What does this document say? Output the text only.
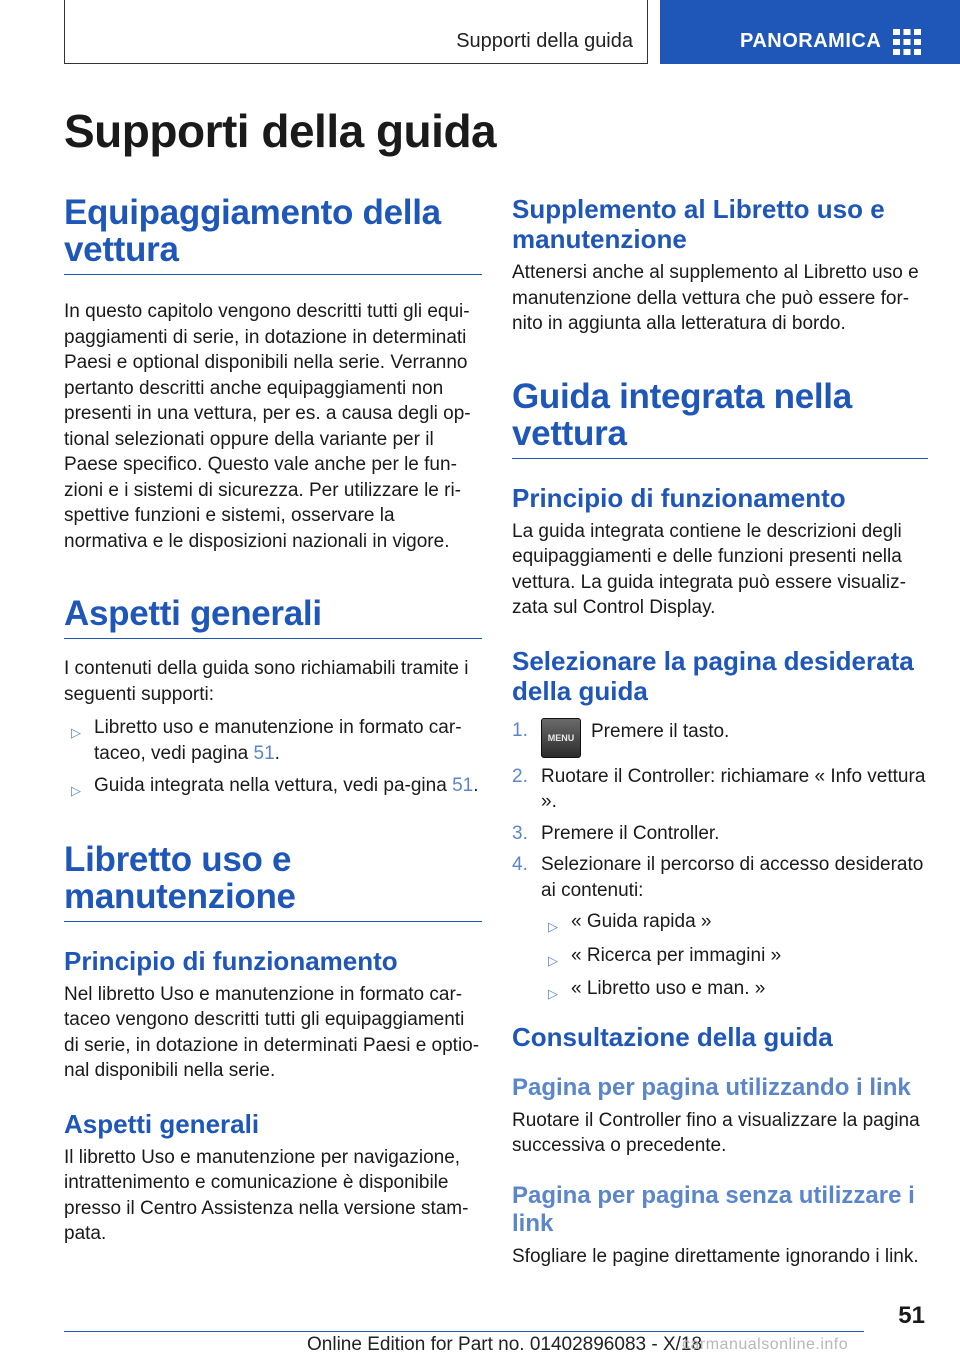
Supporti della guida	PANORAMICA
Supporti della guida
Equipaggiamento della vettura

In questo capitolo vengono descritti tutti gli equi-paggiamenti di serie, in dotazione in determinati Paesi e optional disponibili nella serie. Verranno pertanto descritti anche equipaggiamenti non presenti in una vettura, per es. a causa degli op-tional selezionati oppure della variante per il Paese specifico. Questo vale anche per le fun-zioni e i sistemi di sicurezza. Per utilizzare le ri-spettive funzioni e sistemi, osservare la normativa e le disposizioni nazionali in vigore.

Aspetti generali

I contenuti della guida sono richiamabili tramite i seguenti supporti:

▷ Libretto uso e manutenzione in formato car-taceo, vedi pagina 51.
▷ Guida integrata nella vettura, vedi pa-gina 51.
Libretto uso e manutenzione
Principio di funzionamento

Nel libretto Uso e manutenzione in formato car-taceo vengono descritti tutti gli equipaggiamenti di serie, in dotazione in determinati Paesi e optio-nal disponibili nella serie.

Aspetti generali

Il libretto Uso e manutenzione per navigazione, intrattenimento e comunicazione è disponibile presso il Centro Assistenza nella versione stam-pata.

Supplemento al Libretto uso e manutenzione

Attenersi anche al supplemento al Libretto uso e manutenzione della vettura che può essere for-nito in aggiunta alla letteratura di bordo.

Guida integrata nella vettura
Principio di funzionamento

La guida integrata contiene le descrizioni degli equipaggiamenti e delle funzioni presenti nella vettura. La guida integrata può essere visualiz-zata sul Control Display.

Selezionare la pagina desiderata della guida
1. MENU Premere il tasto.
2. Ruotare il Controller: richiamare « Info vettura ».
3. Premere il Controller.
4. Selezionare il percorso di accesso desiderato ai contenuti:
▷ « Guida rapida »
▷ « Ricerca per immagini »
▷ « Libretto uso e man. »
Consultazione della guida
Pagina per pagina utilizzando i link

Ruotare il Controller fino a visualizzare la pagina successiva o precedente.

Pagina per pagina senza utilizzare i link

Sfogliare le pagine direttamente ignorando i link.

51
Online Edition for Part no. 01402896083 - X/18
carmanualsonline.info
